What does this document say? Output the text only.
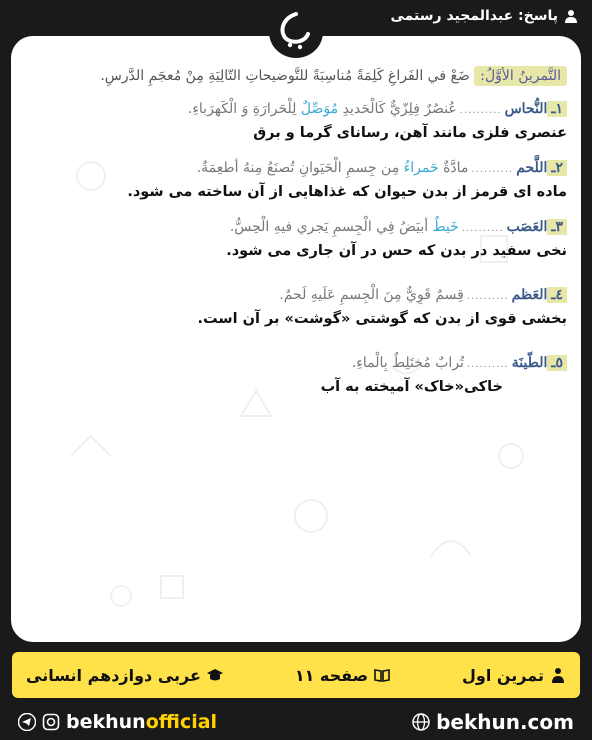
پاسخ: عبدالمجید رستمی
التَّمرينُ الأوَّلُ: ضَعْ في الفَراغِ كَلِمَةً مُناسِبَةً للتَّوضيحاتِ التّالِيَةِ مِنْ مُعجَمِ الدَّرسِ.
١ـ
النُّحاس
..........
عُنصُرٌ فِلِزّيٌّ كَالْحَديدِ مُوَصِّلٌ لِلْحَرارَةِ وَ الْكَهرَباءِ.
عنصری فلزی مانند آهن، رسانای گرما و برق
٢ـ
اللَّحم
..........
مادَّةٌ حَمراءُ مِن جِسمِ الْحَيَوانِ تُصنَعُ مِنهُ أطعِمَةٌ.
ماده ای قرمز از بدن حیوان که غذاهایی از آن ساخته می شود.
٣ـ
العَصَب
..........
خَيطٌ أبيَضُ فِي الْجِسمِ يَجري فيهِ الْحِسُّ.
نخی سفید در بدن که حس در آن جاری می شود.
٤ـ
العَظم
..........
قِسمٌ قَوِيٌّ مِنَ الْجِسمِ عَلَيهِ لَحمٌ.
بخشی قوی از بدن که گوشتی «گوشت» بر آن است.
٥ـ
الطّينَة
..........
تُرابٌ مُختَلِطٌ بِالْماءِ.
خاکی«خاک» آمیخته به آب
تمرین اول
صفحه ۱۱
عربی دوازدهم انسانی
bekhunofficial	bekhun.com
